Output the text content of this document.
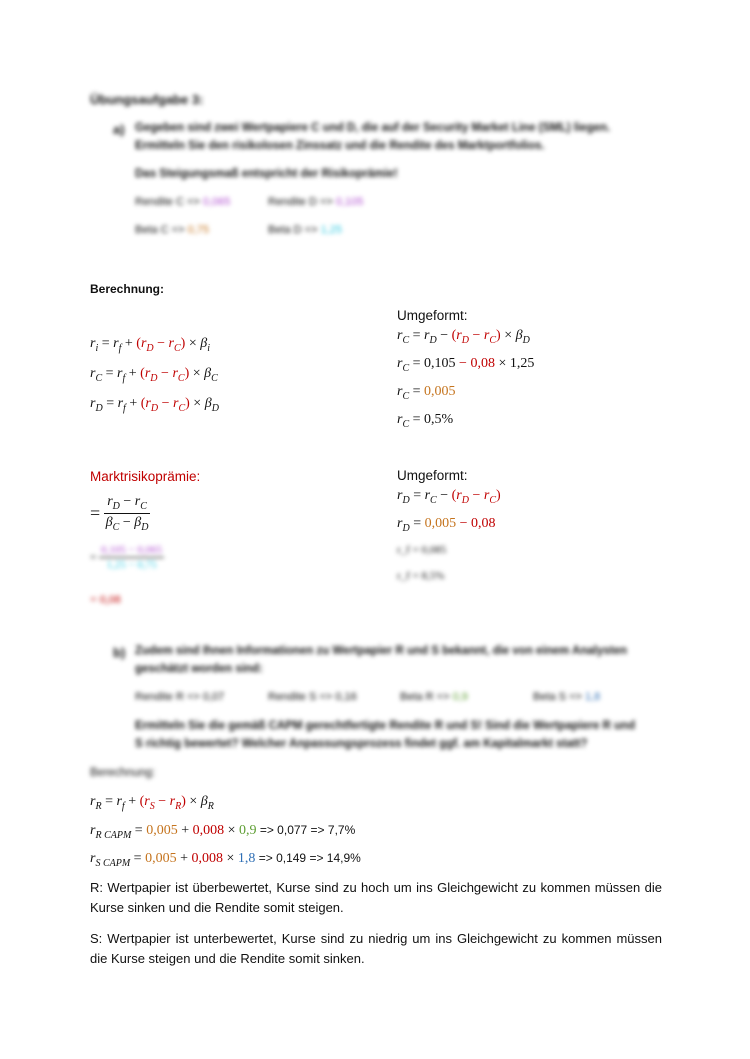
Übungsaufgabe 3:
a) Gegeben sind zwei Wertpapiere C und D, die auf der Security Market Line (SML) liegen.
Ermitteln Sie den risikolosen Zinssatz und die Rendite des Marktportfolios.
Das Steigungsmaß entspricht der Risikoprämie!
Rendite C => 0,065	Rendite D => 0,105
Beta C => 0,75	Beta D => 1,25
Berechnung:
$r_i = r_f + (r_D - r_C) \times \beta_i$
$r_C = r_f + (r_D - r_C) \times \beta_C$
$r_D = r_f + (r_D - r_C) \times \beta_D$
Umgeformt:
$r_C = r_D - (r_D - r_C) \times \beta_D$
$r_C = 0,105 - 0,08 \times 1,25$
$r_C = 0,005$
$r_C = 0,5\%$
Marktrisikoprämie:
= $\frac{r_D - r_C}{\beta_C - \beta_D}$
= $\frac{0,105 - 0,065}{1,25 - 0,75}$
= 0,08
Umgeformt:
$r_D = r_C - (r_D - r_C)$
$r_D = 0,005 - 0,08$
r_f = 0,085
r_f = 8,5%
b) Zudem sind Ihnen Informationen zu Wertpapier R und S bekannt, die von einem Analysten
geschätzt worden sind:
Rendite R => 0,07	Rendite S => 0,16	Beta R => 0,9	Beta S => 1,8
Ermitteln Sie die gemäß CAPM gerechtfertigte Rendite R und S! Sind die Wertpapiere R und
S richtig bewertet? Welcher Anpassungsprozess findet ggf. am Kapitalmarkt statt?
Berechnung:
$r_R = r_f + (r_S - r_R) \times \beta_R$
$r_{R CAPM} = 0,005 + 0,008 \times 0,9 => 0,077 => 7,7\%$
$r_{S CAPM} = 0,005 + 0,008 \times 1,8 => 0,149 => 14,9\%$
R: Wertpapier ist überbewertet, Kurse sind zu hoch um ins Gleichgewicht zu kommen müssen die Kurse sinken und die Rendite somit steigen.
S: Wertpapier ist unterbewertet, Kurse sind zu niedrig um ins Gleichgewicht zu kommen müssen die Kurse steigen und die Rendite somit sinken.
